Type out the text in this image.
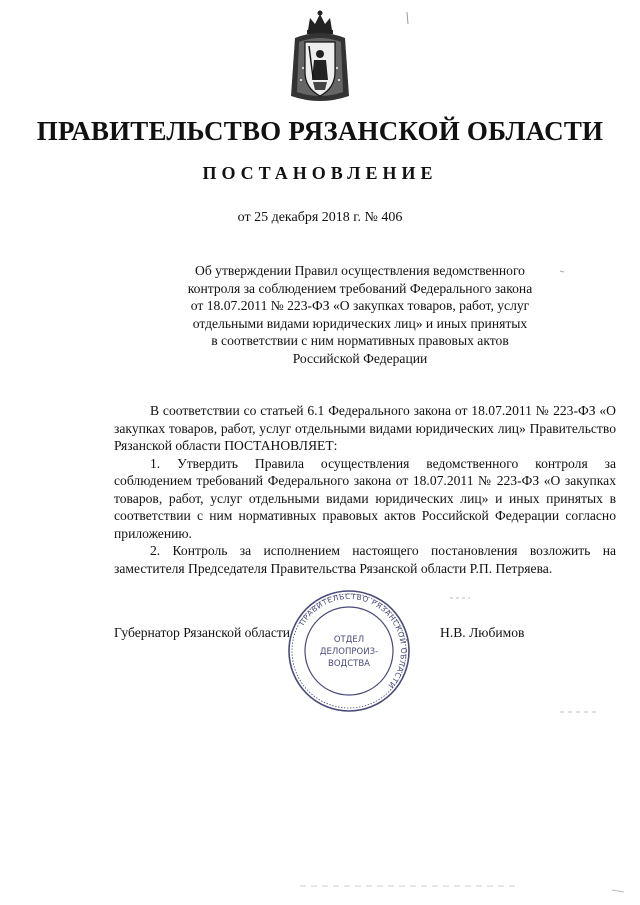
ПРАВИТЕЛЬСТВО РЯЗАНСКОЙ ОБЛАСТИ
ПОСТАНОВЛЕНИЕ
от 25 декабря 2018 г. № 406
Об утверждении Правил осуществления ведомственного
контроля за соблюдением требований Федерального закона
от 18.07.2011 № 223-ФЗ «О закупках товаров, работ, услуг
отдельными видами юридических лиц» и иных принятых
в соответствии с ним нормативных правовых актов
Российской Федерации

В соответствии со статьей 6.1 Федерального закона от 18.07.2011 № 223-ФЗ «О закупках товаров, работ, услуг отдельными видами юридических лиц» Правительство Рязанской области ПОСТАНОВЛЯЕТ:

1. Утвердить Правила осуществления ведомственного контроля за соблюдением требований Федерального закона от 18.07.2011 № 223-ФЗ «О закупках товаров, работ, услуг отдельными видами юридических лиц» и иных принятых в соответствии с ним нормативных правовых актов Российской Федерации согласно приложению.

2. Контроль за исполнением настоящего постановления возложить на заместителя Председателя Правительства Рязанской области Р.П. Петряева.

Губернатор Рязанской области	Н.В. Любимов
ПРАВИТЕЛЬСТВО РЯЗАНСКОЙ ОБЛАСТИ
ОТДЕЛ
ДЕЛОПРОИЗ-
ВОДСТВА
